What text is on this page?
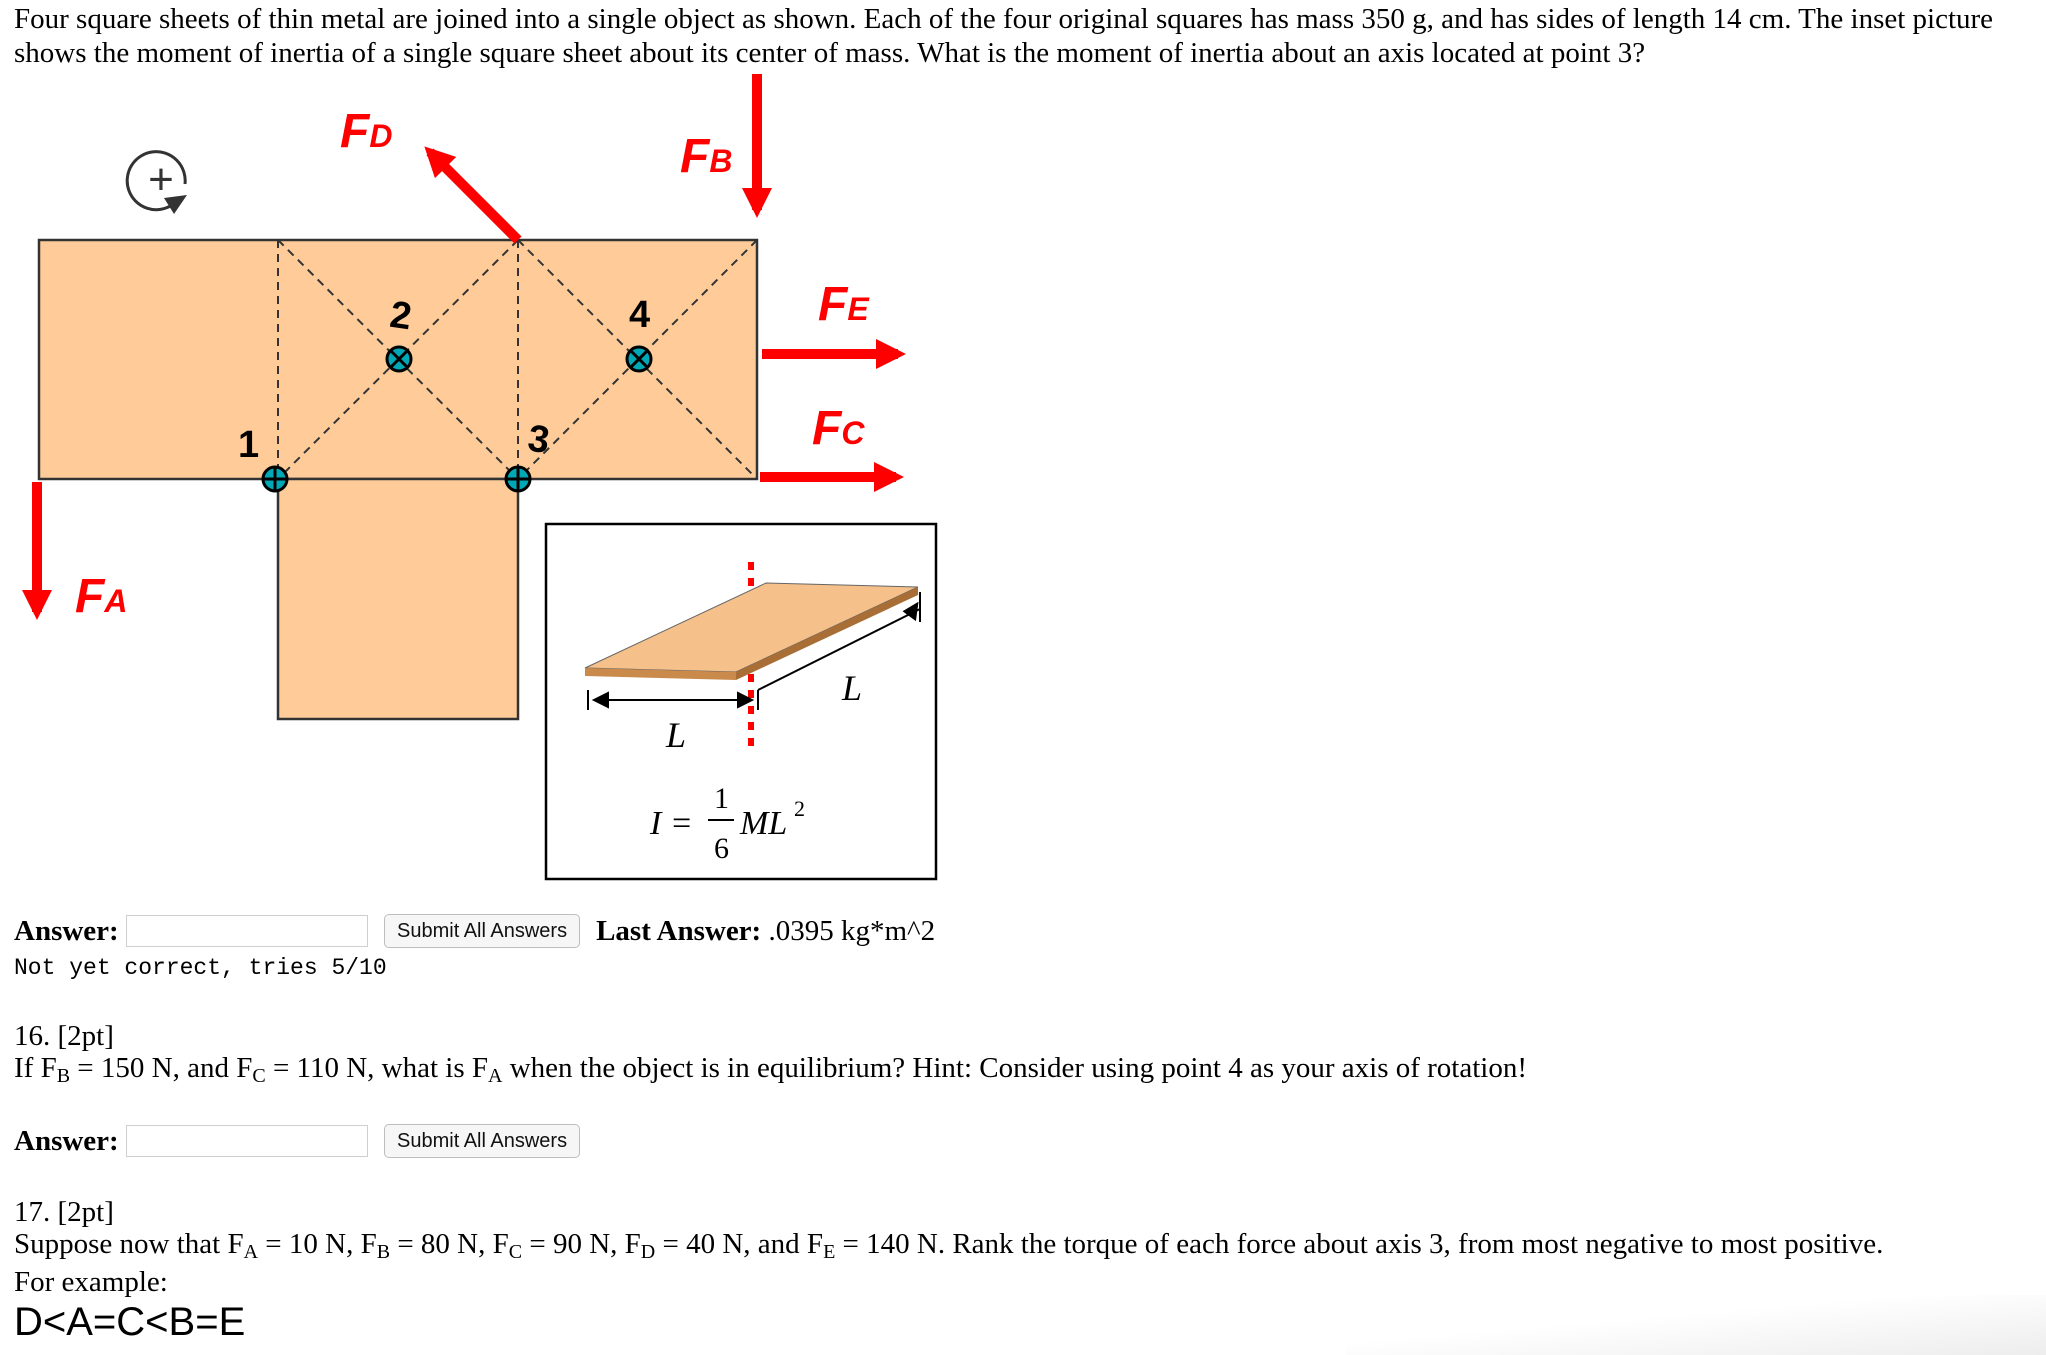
Four square sheets of thin metal are joined into a single object as shown. Each of the four original squares has mass 350 g, and has sides of length 14 cm. The inset picture shows the moment of inertia of a single square sheet about its center of mass. What is the moment of inertia about an axis located at point 3?

1
2
3
4
+
FD	FB
FE
FC
FA
L
L
I =
1
6
ML 2
Answer:	Submit All Answers	Last Answer: .0395 kg*m^2
Not yet correct, tries 5/10
16. [2pt]
If $F_B = 150$ N, and $F_C = 110$ N, what is $F_A$ when the object is in equilibrium? Hint: Consider using point 4 as your axis of rotation!
Answer:	Submit All Answers
17. [2pt]
Suppose now that $F_A = 10$ N, $F_B = 80$ N, $F_C = 90$ N, $F_D = 40$ N, and $F_E = 140$ N. Rank the torque of each force about axis 3, from most negative to most positive.
For example:
D<A=C<B=E
